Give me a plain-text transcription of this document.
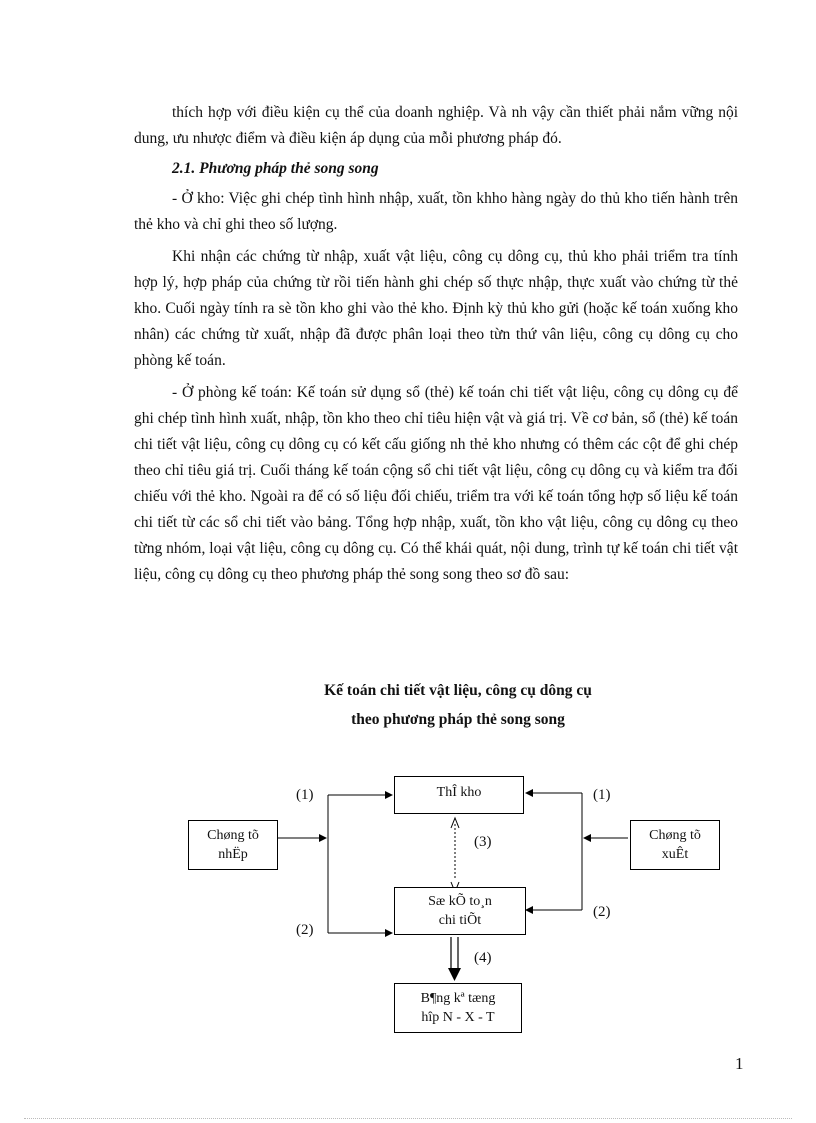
thích hợp với điều kiện cụ thể của doanh nghiệp. Và nh vậy cần thiết phải nắm vững nội dung, ưu nhược điểm và điều kiện áp dụng của mỗi phương pháp đó.

2.1. Phương pháp thẻ song song

- Ở kho: Việc ghi chép tình hình nhập, xuất, tồn khho hàng ngày do thủ kho tiến hành trên thẻ kho và chỉ ghi theo số lượng.

Khi nhận các chứng từ nhập, xuất vật liệu, công cụ dông cụ, thủ kho phải triểm tra tính hợp lý, hợp pháp của chứng từ rồi tiến hành ghi chép số thực nhập, thực xuất vào chứng từ thẻ kho. Cuối ngày tính ra sè tồn kho ghi vào thẻ kho. Định kỳ thủ kho gửi (hoặc kế toán xuống kho nhân) các chứng từ xuất, nhập đã được phân loại theo từn thứ vân liệu, công cụ dông cụ cho phòng kế toán.

- Ở phòng kế toán: Kế toán sử dụng sổ (thẻ) kế toán chi tiết vật liệu, công cụ dông cụ để ghi chép tình hình xuất, nhập, tồn kho theo chỉ tiêu hiện vật và giá trị. Về cơ bản, sổ (thẻ) kế toán chi tiết vật liệu, công cụ dông cụ có kết cấu giống nh thẻ kho nhưng có thêm các cột để ghi chép theo chỉ tiêu giá trị. Cuối tháng kế toán cộng sổ chi tiết vật liệu, công cụ dông cụ và kiểm tra đối chiếu với thẻ kho. Ngoài ra để có số liệu đối chiếu, triểm tra với kế toán tổng hợp số liệu kế toán chi tiết từ các sổ chi tiết vào bảng. Tổng hợp nhập, xuất, tồn kho vật liệu, công cụ dông cụ theo từng nhóm, loại vật liệu, công cụ dông cụ. Có thể khái quát, nội dung, trình tự kế toán chi tiết vật liệu, công cụ dông cụ theo phương pháp thẻ song song theo sơ đồ sau:

Kế toán chi tiết vật liệu, công cụ dông cụ
theo phương pháp thẻ song song
Chøng tõ
nhËp
Chøng tõ
xuÊt
ThÎ kho
Sæ kÕ to¸n
chi tiÕt
B¶ng kª tæng
hîp N - X - T
(1)	(1)
(2)
(2)
(3)
(4)
1
